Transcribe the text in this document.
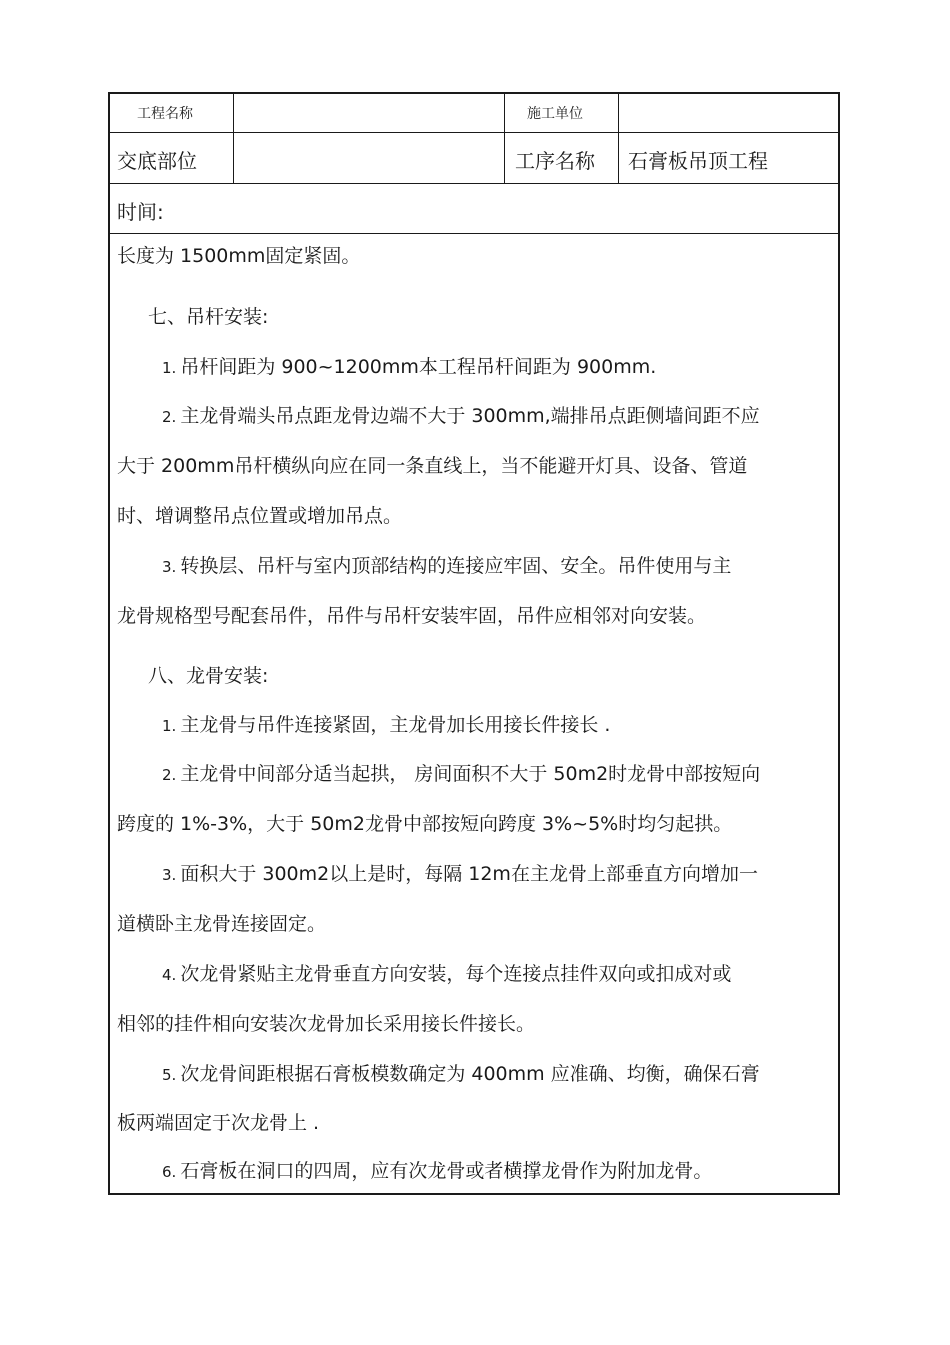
工程名称	施工单位
交底部位	工序名称 石膏板吊顶工程
时间:
长度为 1500mm固定紧固。
七、吊杆安装:
1. 吊杆间距为 900~1200mm本工程吊杆间距为 900mm.
2. 主龙骨端头吊点距龙骨边端不大于 300mm,端排吊点距侧墙间距不应
大于 200mm吊杆横纵向应在同一条直线上，当不能避开灯具、设备、管道
时、增调整吊点位置或增加吊点。
3. 转换层、吊杆与室内顶部结构的连接应牢固、安全。吊件使用与主
龙骨规格型号配套吊件，吊件与吊杆安装牢固，吊件应相邻对向安装。
八、龙骨安装:
1. 主龙骨与吊件连接紧固，主龙骨加长用接长件接长 .
2. 主龙骨中间部分适当起拱， 房间面积不大于 50m2时龙骨中部按短向
跨度的 1%-3%，大于 50m2龙骨中部按短向跨度 3%~5%时均匀起拱。
3. 面积大于 300m2以上是时，每隔 12m在主龙骨上部垂直方向增加一
道横卧主龙骨连接固定。
4. 次龙骨紧贴主龙骨垂直方向安装，每个连接点挂件双向或扣成对或
相邻的挂件相向安装次龙骨加长采用接长件接长。
5. 次龙骨间距根据石膏板模数确定为 400mm 应准确、均衡，确保石膏
板两端固定于次龙骨上 .
6. 石膏板在洞口的四周，应有次龙骨或者横撑龙骨作为附加龙骨。
